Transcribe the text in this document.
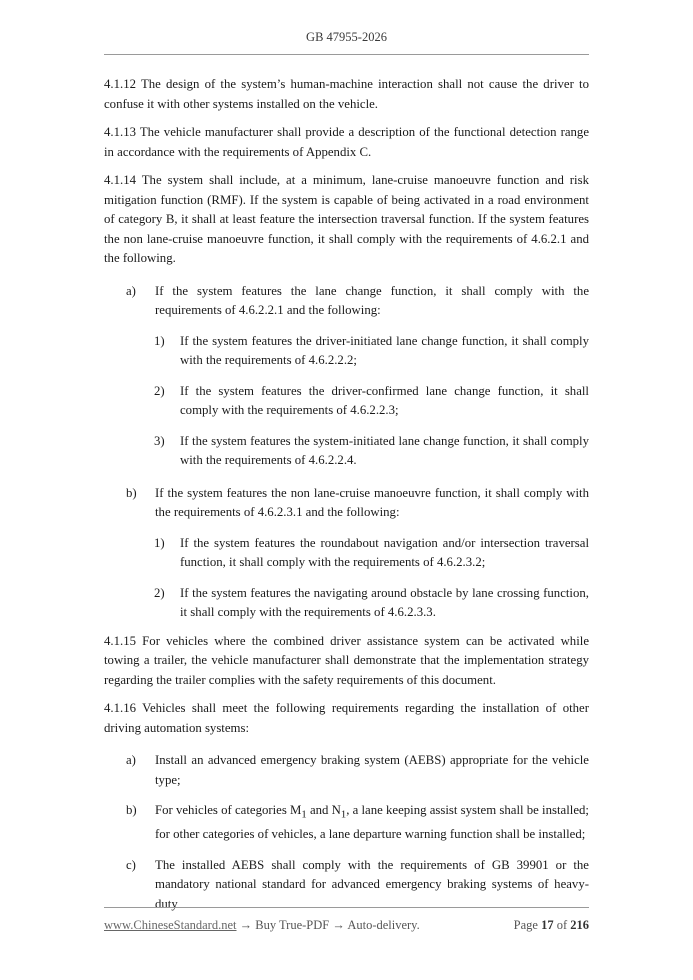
GB 47955-2026

4.1.12 The design of the system’s human-machine interaction shall not cause the driver to confuse it with other systems installed on the vehicle.

4.1.13 The vehicle manufacturer shall provide a description of the functional detection range in accordance with the requirements of Appendix C.

4.1.14 The system shall include, at a minimum, lane-cruise manoeuvre function and risk mitigation function (RMF). If the system is capable of being activated in a road environment of category B, it shall at least feature the intersection traversal function. If the system features the non lane-cruise manoeuvre function, it shall comply with the requirements of 4.6.2.1 and the following.

a)	If the system features the lane change function, it shall comply with the requirements of 4.6.2.2.1 and the following:
1)	If the system features the driver-initiated lane change function, it shall comply with the requirements of 4.6.2.2.2;
2)	If the system features the driver-confirmed lane change function, it shall comply with the requirements of 4.6.2.2.3;
3)	If the system features the system-initiated lane change function, it shall comply with the requirements of 4.6.2.2.4.
b)	If the system features the non lane-cruise manoeuvre function, it shall comply with the requirements of 4.6.2.3.1 and the following:
1)	If the system features the roundabout navigation and/or intersection traversal function, it shall comply with the requirements of 4.6.2.3.2;
2)	If the system features the navigating around obstacle by lane crossing function, it shall comply with the requirements of 4.6.2.3.3.

4.1.15 For vehicles where the combined driver assistance system can be activated while towing a trailer, the vehicle manufacturer shall demonstrate that the implementation strategy regarding the trailer complies with the safety requirements of this document.

4.1.16 Vehicles shall meet the following requirements regarding the installation of other driving automation systems:

a)	Install an advanced emergency braking system (AEBS) appropriate for the vehicle type;
b)	For vehicles of categories $M_1$ and $N_1$, a lane keeping assist system shall be installed; for other categories of vehicles, a lane departure warning function shall be installed;
c)	The installed AEBS shall comply with the requirements of GB 39901 or the mandatory national standard for advanced emergency braking systems of heavy-duty
www.ChineseStandard.net → Buy True-PDF → Auto-delivery.	Page 17 of 216
